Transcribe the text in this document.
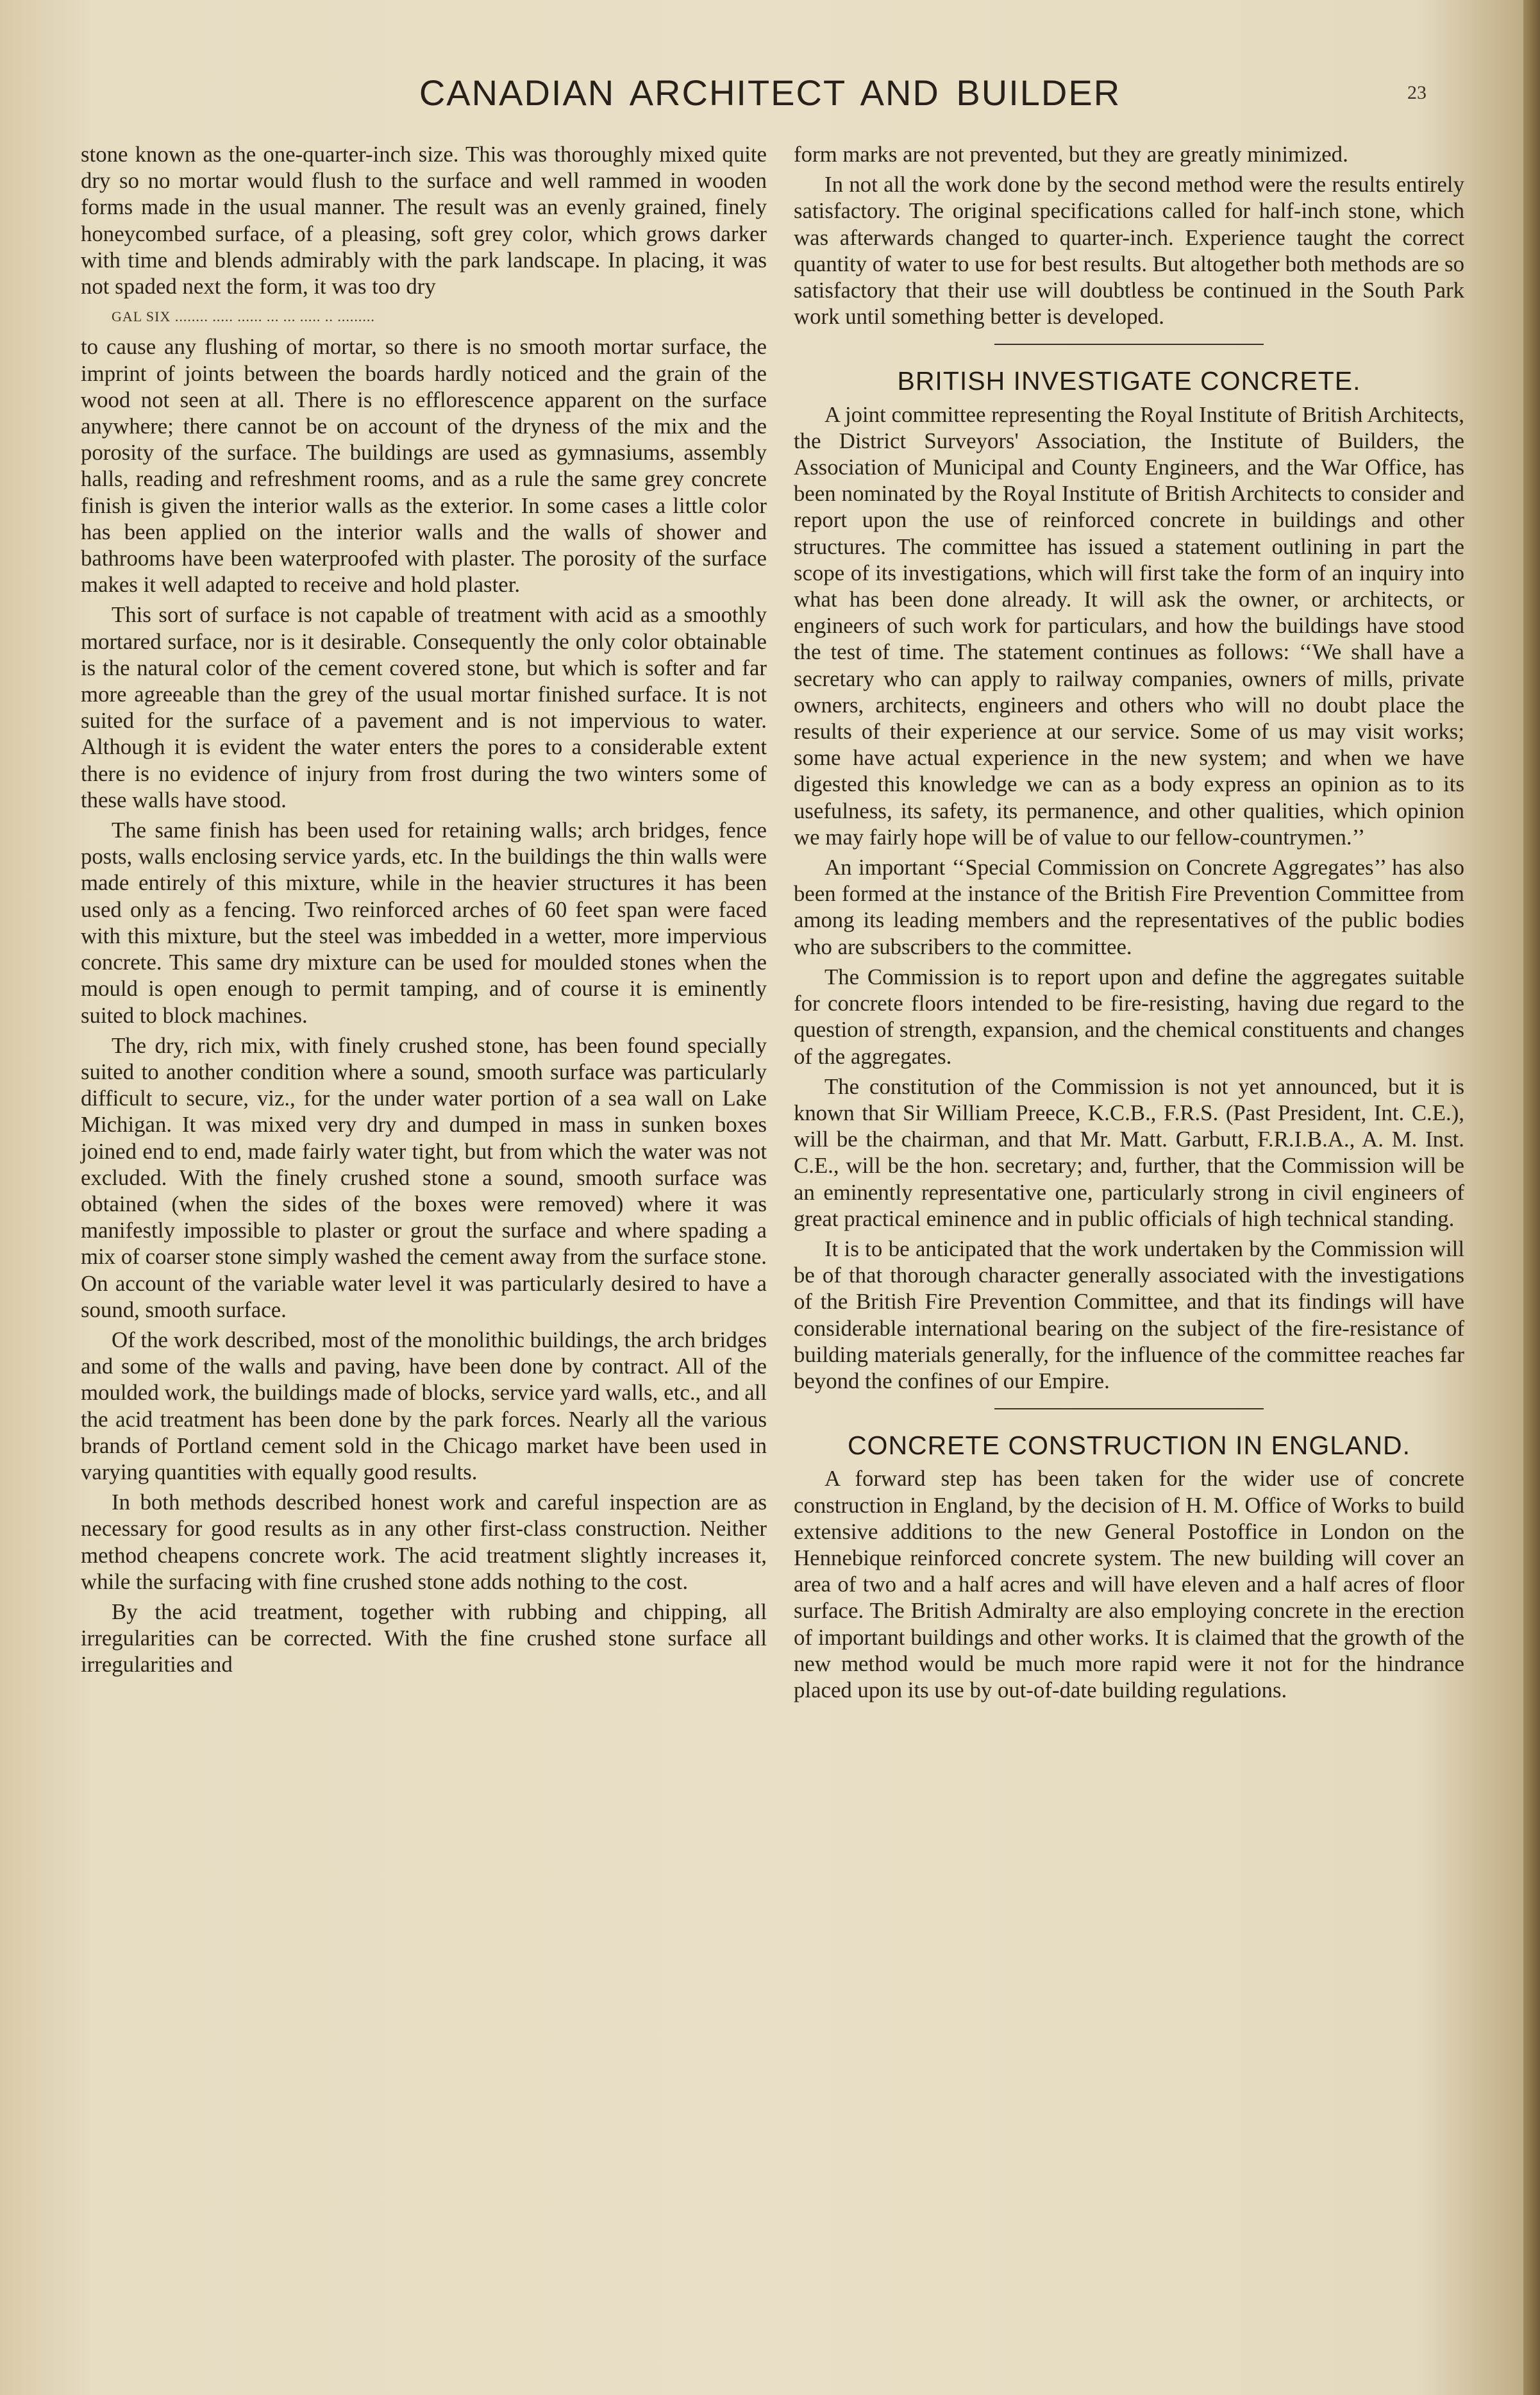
CANADIAN ARCHITECT AND BUILDER	23

stone known as the one-quarter-inch size. This was thoroughly mixed quite dry so no mortar would flush to the surface and well rammed in wooden forms made in the usual manner. The result was an evenly grained, finely honeycombed surface, of a pleasing, soft grey color, which grows darker with time and blends admirably with the park landscape. In placing, it was not spaded next the form, it was too dry

GAL SIX ........ ..... ...... ... ... ..... .. .........

to cause any flushing of mortar, so there is no smooth mortar surface, the imprint of joints between the boards hardly noticed and the grain of the wood not seen at all. There is no efflorescence apparent on the surface anywhere; there cannot be on account of the dryness of the mix and the porosity of the surface. The buildings are used as gymnasiums, assembly halls, reading and refreshment rooms, and as a rule the same grey concrete finish is given the interior walls as the exterior. In some cases a little color has been applied on the interior walls and the walls of shower and bathrooms have been waterproofed with plaster. The porosity of the surface makes it well adapted to receive and hold plaster.

This sort of surface is not capable of treatment with acid as a smoothly mortared surface, nor is it desirable. Consequently the only color obtainable is the natural color of the cement covered stone, but which is softer and far more agreeable than the grey of the usual mortar finished surface. It is not suited for the surface of a pavement and is not impervious to water. Although it is evident the water enters the pores to a considerable extent there is no evidence of injury from frost during the two winters some of these walls have stood.

The same finish has been used for retaining walls; arch bridges, fence posts, walls enclosing service yards, etc. In the buildings the thin walls were made entirely of this mixture, while in the heavier structures it has been used only as a fencing. Two reinforced arches of 60 feet span were faced with this mixture, but the steel was imbedded in a wetter, more impervious concrete. This same dry mixture can be used for moulded stones when the mould is open enough to permit tamping, and of course it is eminently suited to block machines.

The dry, rich mix, with finely crushed stone, has been found specially suited to another condition where a sound, smooth surface was particularly difficult to secure, viz., for the under water portion of a sea wall on Lake Michigan. It was mixed very dry and dumped in mass in sunken boxes joined end to end, made fairly water tight, but from which the water was not excluded. With the finely crushed stone a sound, smooth surface was obtained (when the sides of the boxes were removed) where it was manifestly impossible to plaster or grout the surface and where spading a mix of coarser stone simply washed the cement away from the surface stone. On account of the variable water level it was particularly desired to have a sound, smooth surface.

Of the work described, most of the monolithic buildings, the arch bridges and some of the walls and paving, have been done by contract. All of the moulded work, the buildings made of blocks, service yard walls, etc., and all the acid treatment has been done by the park forces. Nearly all the various brands of Portland cement sold in the Chicago market have been used in varying quantities with equally good results.

In both methods described honest work and careful inspection are as necessary for good results as in any other first-class construction. Neither method cheapens concrete work. The acid treatment slightly increases it, while the surfacing with fine crushed stone adds nothing to the cost.

By the acid treatment, together with rubbing and chipping, all irregularities can be corrected. With the fine crushed stone surface all irregularities and

form marks are not prevented, but they are greatly minimized.

In not all the work done by the second method were the results entirely satisfactory. The original specifications called for half-inch stone, which was afterwards changed to quarter-inch. Experience taught the correct quantity of water to use for best results. But altogether both methods are so satisfactory that their use will doubtless be continued in the South Park work until something better is developed.

BRITISH INVESTIGATE CONCRETE.

A joint committee representing the Royal Institute of British Architects, the District Surveyors' Association, the Institute of Builders, the Association of Municipal and County Engineers, and the War Office, has been nominated by the Royal Institute of British Architects to consider and report upon the use of reinforced concrete in buildings and other structures. The committee has issued a statement outlining in part the scope of its investigations, which will first take the form of an inquiry into what has been done already. It will ask the owner, or architects, or engineers of such work for particulars, and how the buildings have stood the test of time. The statement continues as follows: ‘‘We shall have a secretary who can apply to railway companies, owners of mills, private owners, architects, engineers and others who will no doubt place the results of their experience at our service. Some of us may visit works; some have actual experience in the new system; and when we have digested this knowledge we can as a body express an opinion as to its usefulness, its safety, its permanence, and other qualities, which opinion we may fairly hope will be of value to our fellow-countrymen.’’

An important ‘‘Special Commission on Concrete Aggregates’’ has also been formed at the instance of the British Fire Prevention Committee from among its leading members and the representatives of the public bodies who are subscribers to the committee.

The Commission is to report upon and define the aggregates suitable for concrete floors intended to be fire-resisting, having due regard to the question of strength, expansion, and the chemical constituents and changes of the aggregates.

The constitution of the Commission is not yet announced, but it is known that Sir William Preece, K.C.B., F.R.S. (Past President, Int. C.E.), will be the chairman, and that Mr. Matt. Garbutt, F.R.I.B.A., A. M. Inst. C.E., will be the hon. secretary; and, further, that the Commission will be an eminently representative one, particularly strong in civil engineers of great practical eminence and in public officials of high technical standing.

It is to be anticipated that the work undertaken by the Commission will be of that thorough character generally associated with the investigations of the British Fire Prevention Committee, and that its findings will have considerable international bearing on the subject of the fire-resistance of building materials generally, for the influence of the committee reaches far beyond the confines of our Empire.

CONCRETE CONSTRUCTION IN ENGLAND.

A forward step has been taken for the wider use of concrete construction in England, by the decision of H. M. Office of Works to build extensive additions to the new General Postoffice in London on the Hennebique reinforced concrete system. The new building will cover an area of two and a half acres and will have eleven and a half acres of floor surface. The British Admiralty are also employing concrete in the erection of important buildings and other works. It is claimed that the growth of the new method would be much more rapid were it not for the hindrance placed upon its use by out-of-date building regulations.
